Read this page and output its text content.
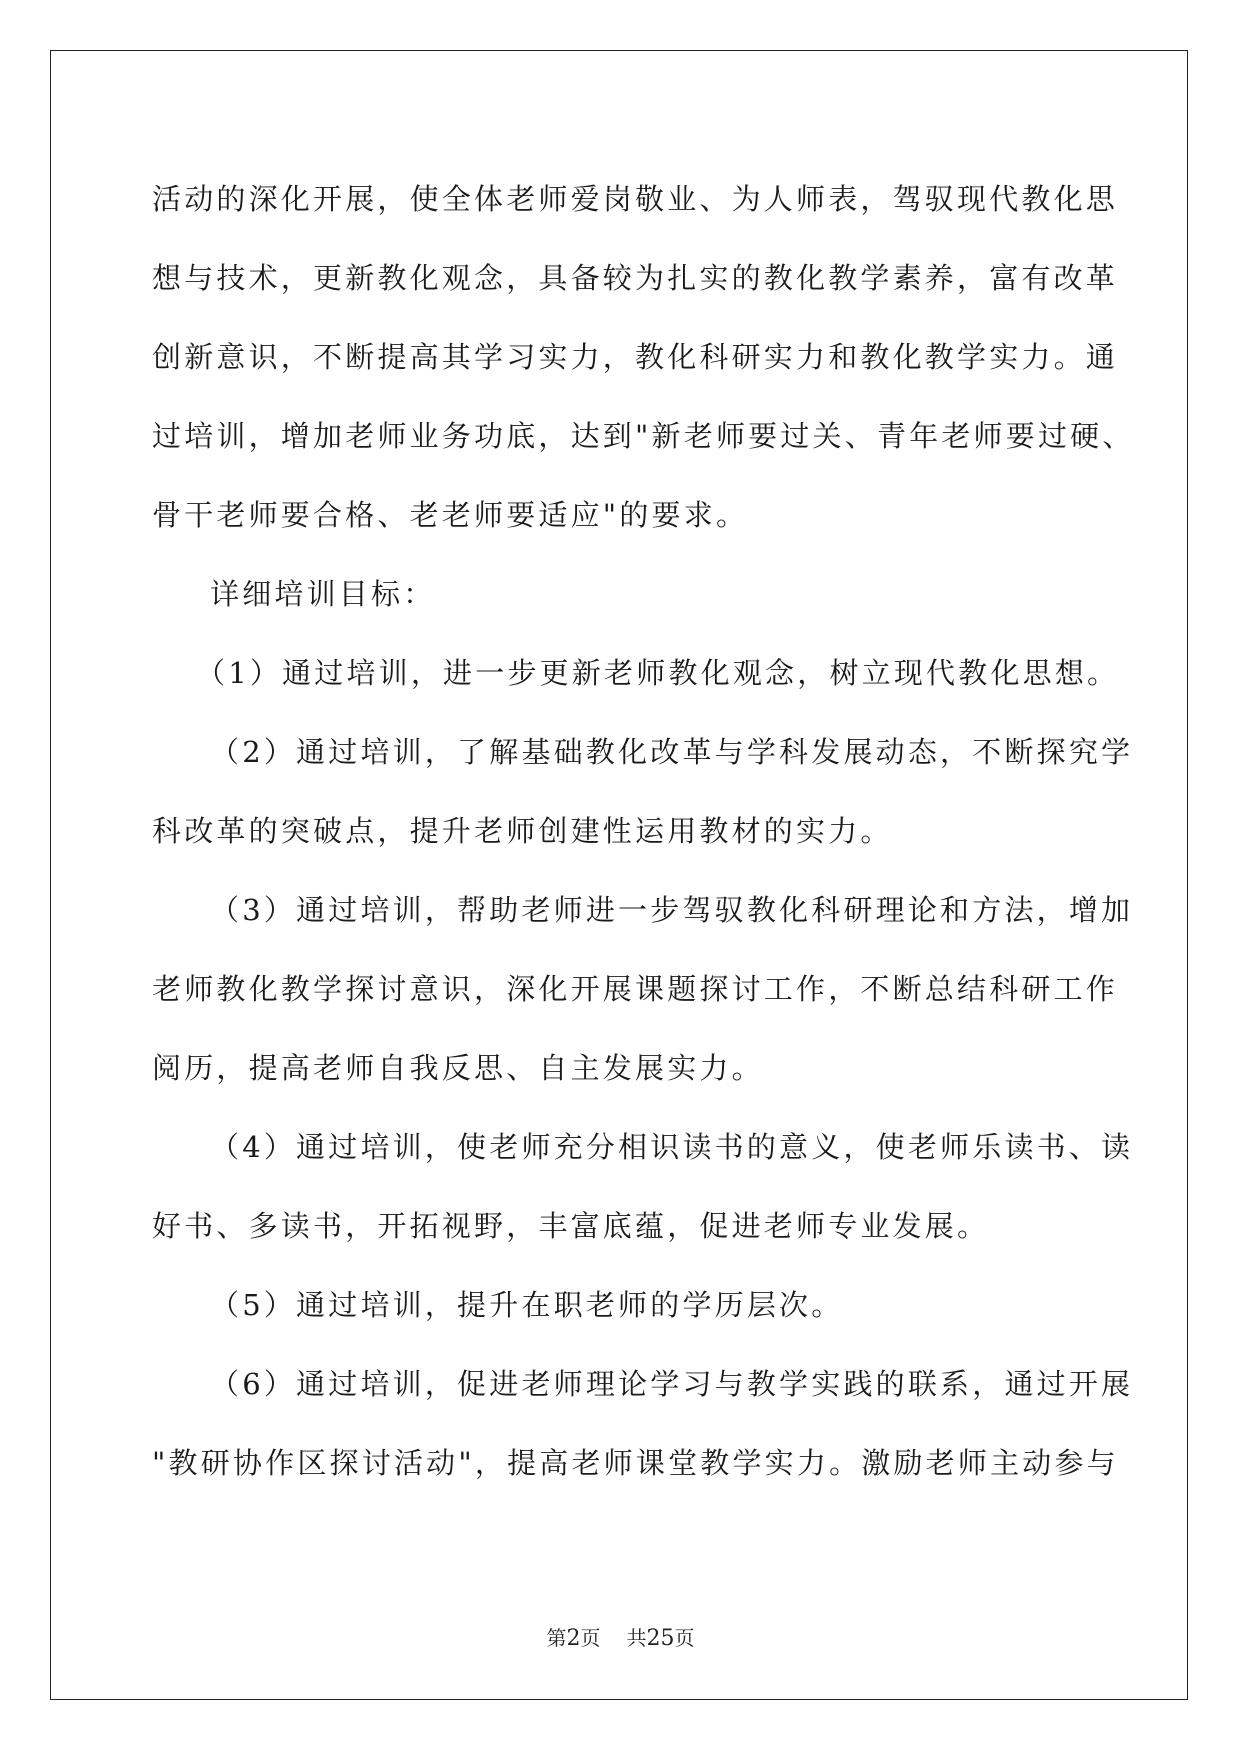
活动的深化开展，使全体老师爱岗敬业、为人师表，驾驭现代教化思
想与技术，更新教化观念，具备较为扎实的教化教学素养，富有改革
创新意识，不断提高其学习实力，教化科研实力和教化教学实力。通
过培训，增加老师业务功底，达到"新老师要过关、青年老师要过硬、
骨干老师要合格、老老师要适应"的要求。
详细培训目标：
（1）通过培训，进一步更新老师教化观念，树立现代教化思想。
（2）通过培训，了解基础教化改革与学科发展动态，不断探究学
科改革的突破点，提升老师创建性运用教材的实力。
（3）通过培训，帮助老师进一步驾驭教化科研理论和方法，增加
老师教化教学探讨意识，深化开展课题探讨工作，不断总结科研工作
阅历，提高老师自我反思、自主发展实力。
（4）通过培训，使老师充分相识读书的意义，使老师乐读书、读
好书、多读书，开拓视野，丰富底蕴，促进老师专业发展。
（5）通过培训，提升在职老师的学历层次。
（6）通过培训，促进老师理论学习与教学实践的联系，通过开展
"教研协作区探讨活动"，提高老师课堂教学实力。激励老师主动参与
第2页 共25页
